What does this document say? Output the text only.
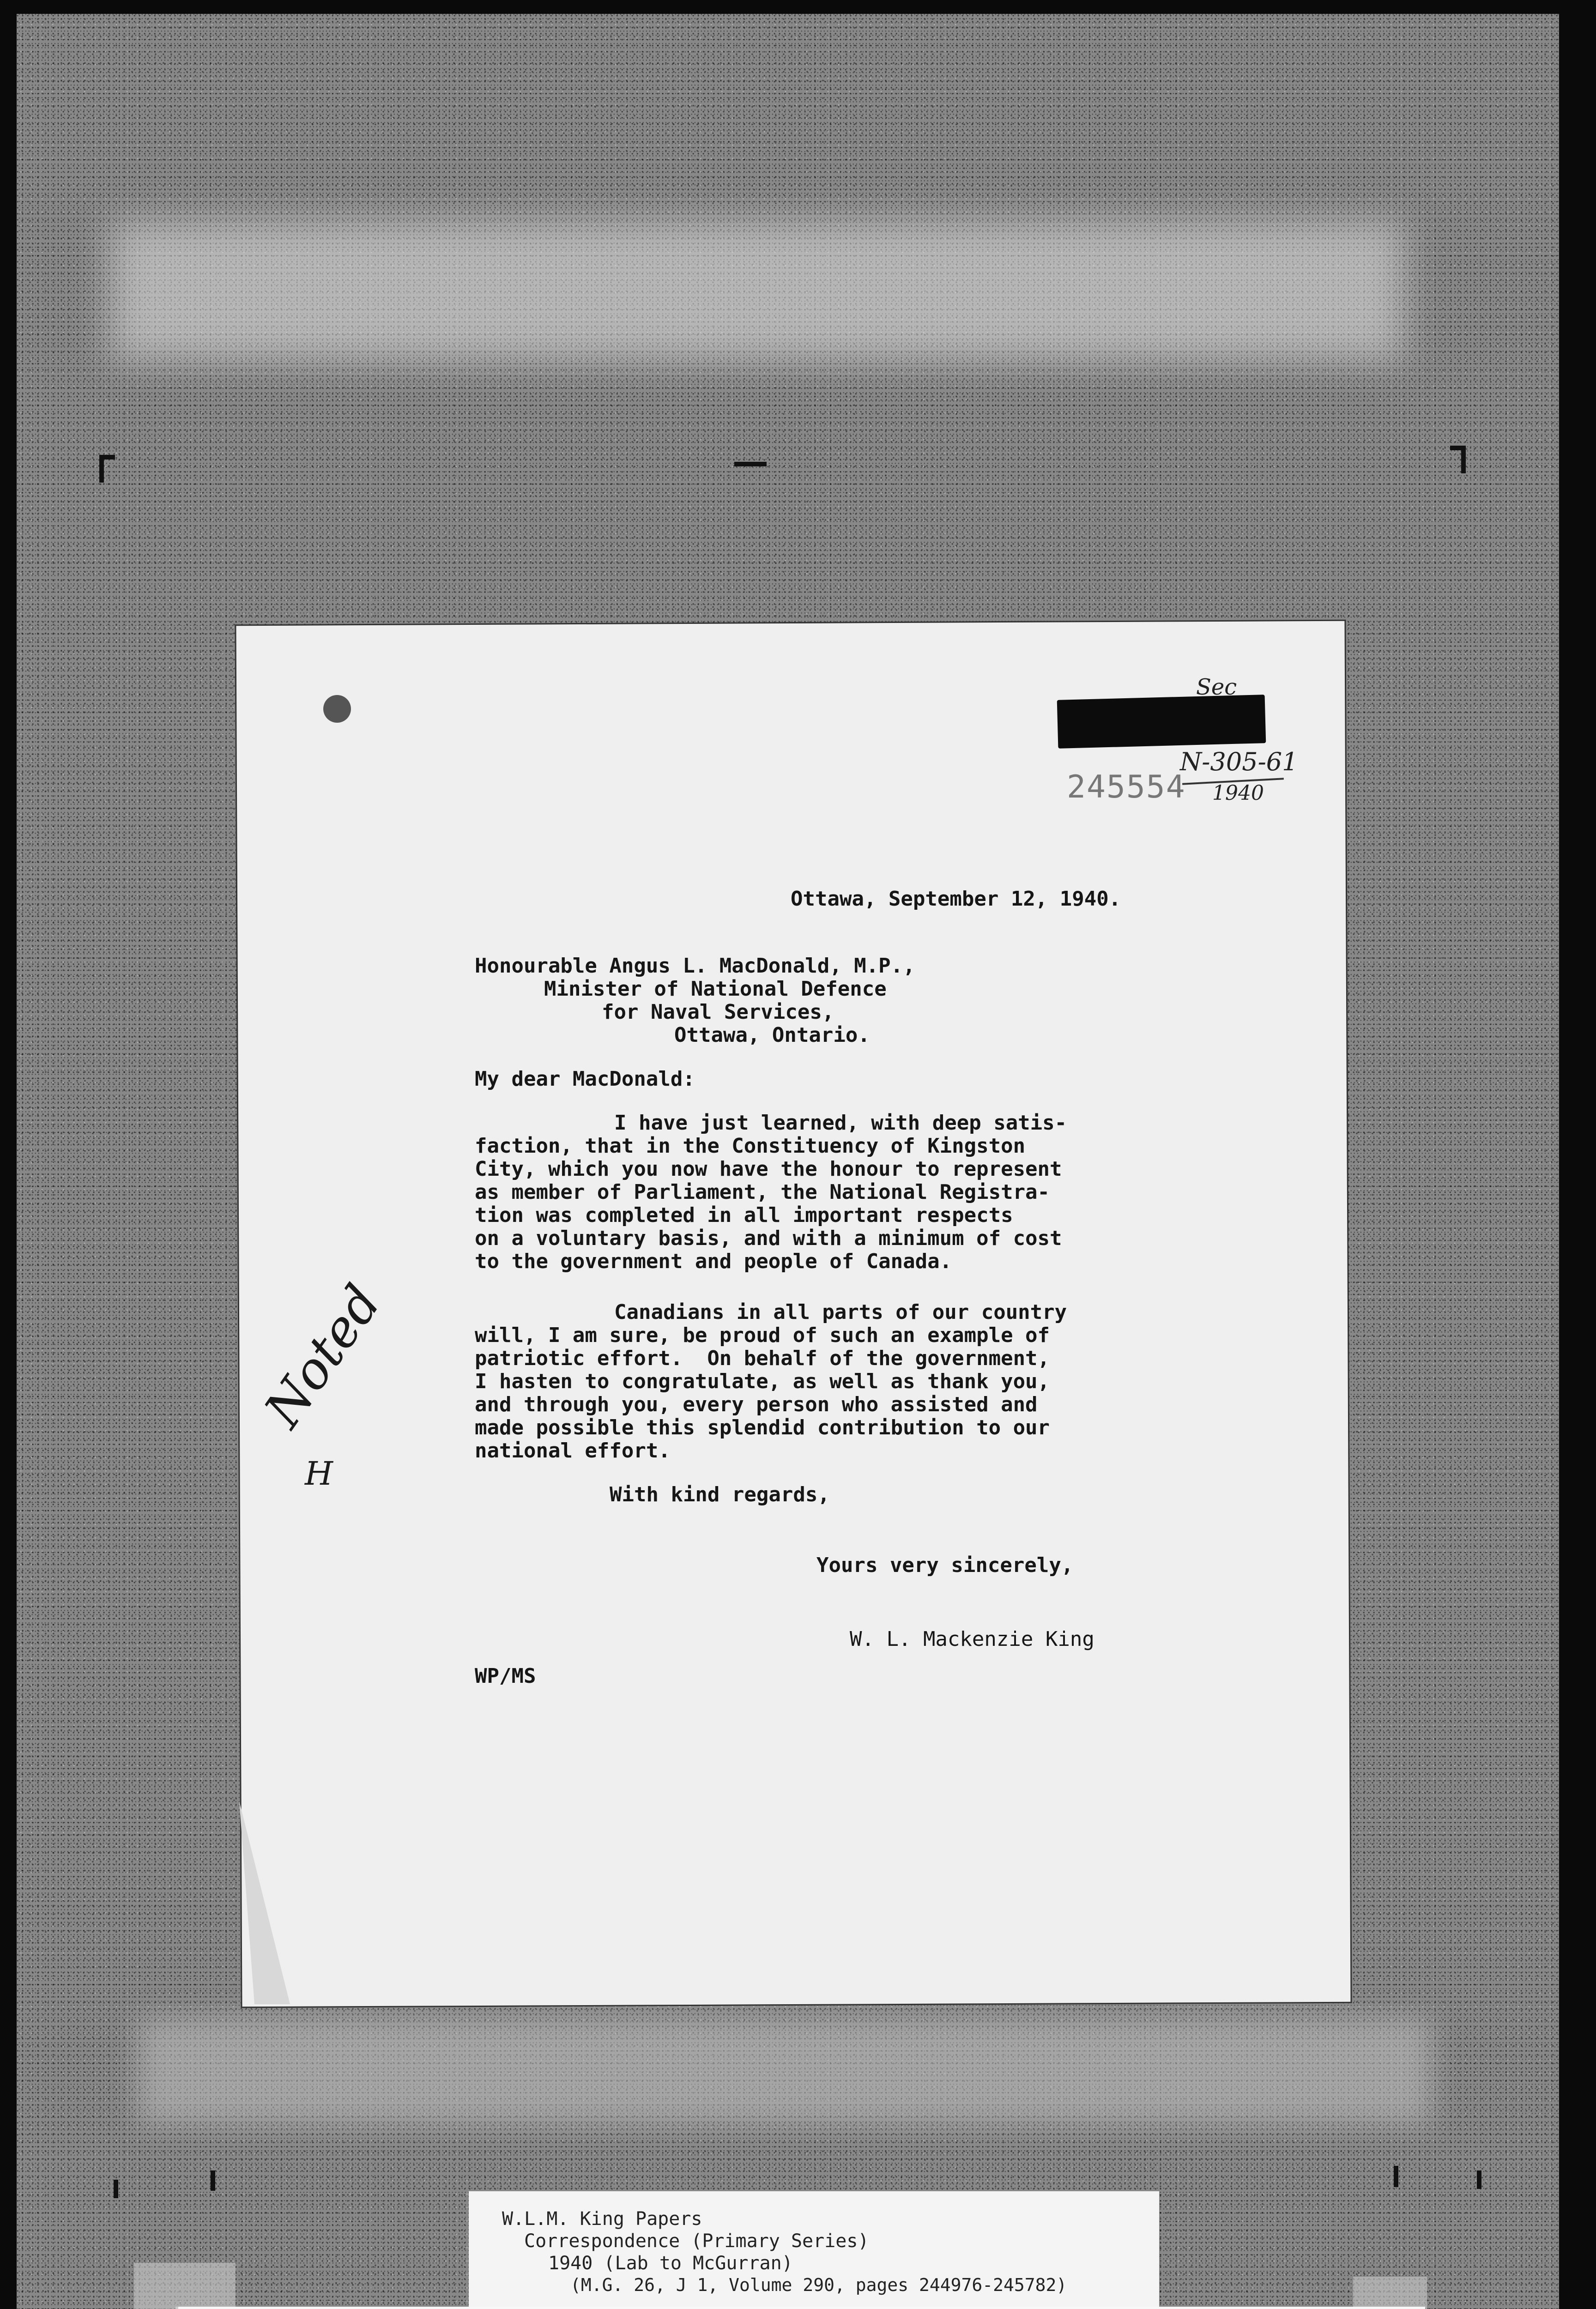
Sec
245554
N-305-61
1940
Ottawa, September 12, 1940.
Honourable Angus L. MacDonald, M.P.,
Minister of National Defence
for Naval Services,
Ottawa, Ontario.
My dear MacDonald:
I have just learned, with deep satis-
faction, that in the Constituency of Kingston
City, which you now have the honour to represent
as member of Parliament, the National Registra-
tion was completed in all important respects
on a voluntary basis, and with a minimum of cost
to the government and people of Canada.
Canadians in all parts of our country
will, I am sure, be proud of such an example of
patriotic effort.  On behalf of the government,
I hasten to congratulate, as well as thank you,
and through you, every person who assisted and
made possible this splendid contribution to our
national effort.
With kind regards,
Yours very sincerely,
W. L. Mackenzie King
WP/MS
Noted
H
W.L.M. King Papers
Correspondence (Primary Series)
1940 (Lab to McGurran)
(M.G. 26, J 1, Volume 290, pages 244976-245782)
